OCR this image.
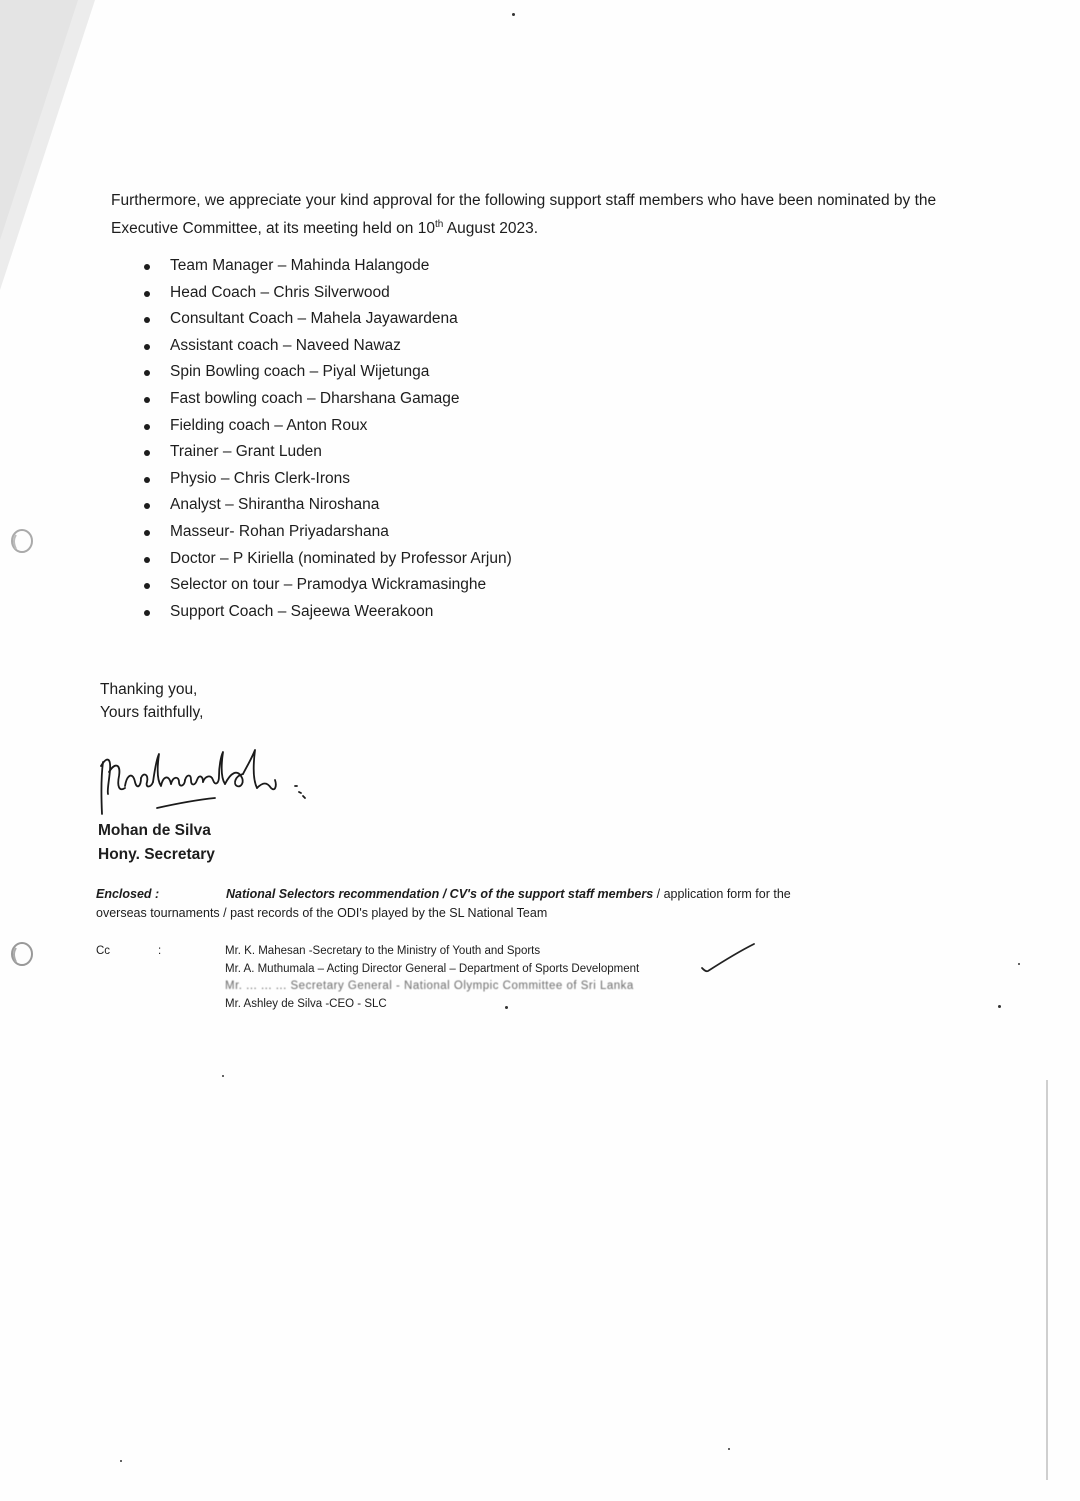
Furthermore, we appreciate your kind approval for the following support staff members who have been nominated by the Executive Committee, at its meeting held on 10th August 2023.

Team Manager – Mahinda Halangode
Head Coach – Chris Silverwood
Consultant Coach – Mahela Jayawardena
Assistant coach – Naveed Nawaz
Spin Bowling coach – Piyal Wijetunga
Fast bowling coach – Dharshana Gamage
Fielding coach – Anton Roux
Trainer – Grant Luden
Physio – Chris Clerk-Irons
Analyst – Shirantha Niroshana
Masseur- Rohan Priyadarshana
Doctor – P Kiriella (nominated by Professor Arjun)
Selector on tour – Pramodya Wickramasinghe
Support Coach – Sajeewa Weerakoon
Thanking you,
Yours faithfully,
Mohan de Silva
Hony. Secretary
Enclosed :	National Selectors recommendation / CV's of the support staff members / application form for the
overseas tournaments / past records of the ODI's played by the SL National Team
Cc	:	Mr. K. Mahesan -Secretary to the Ministry of Youth and Sports
Mr. A. Muthumala – Acting Director General – Department of Sports Development
Mr. ... ... ... Secretary General - National Olympic Committee of Sri Lanka
Mr. Ashley de Silva -CEO - SLC
